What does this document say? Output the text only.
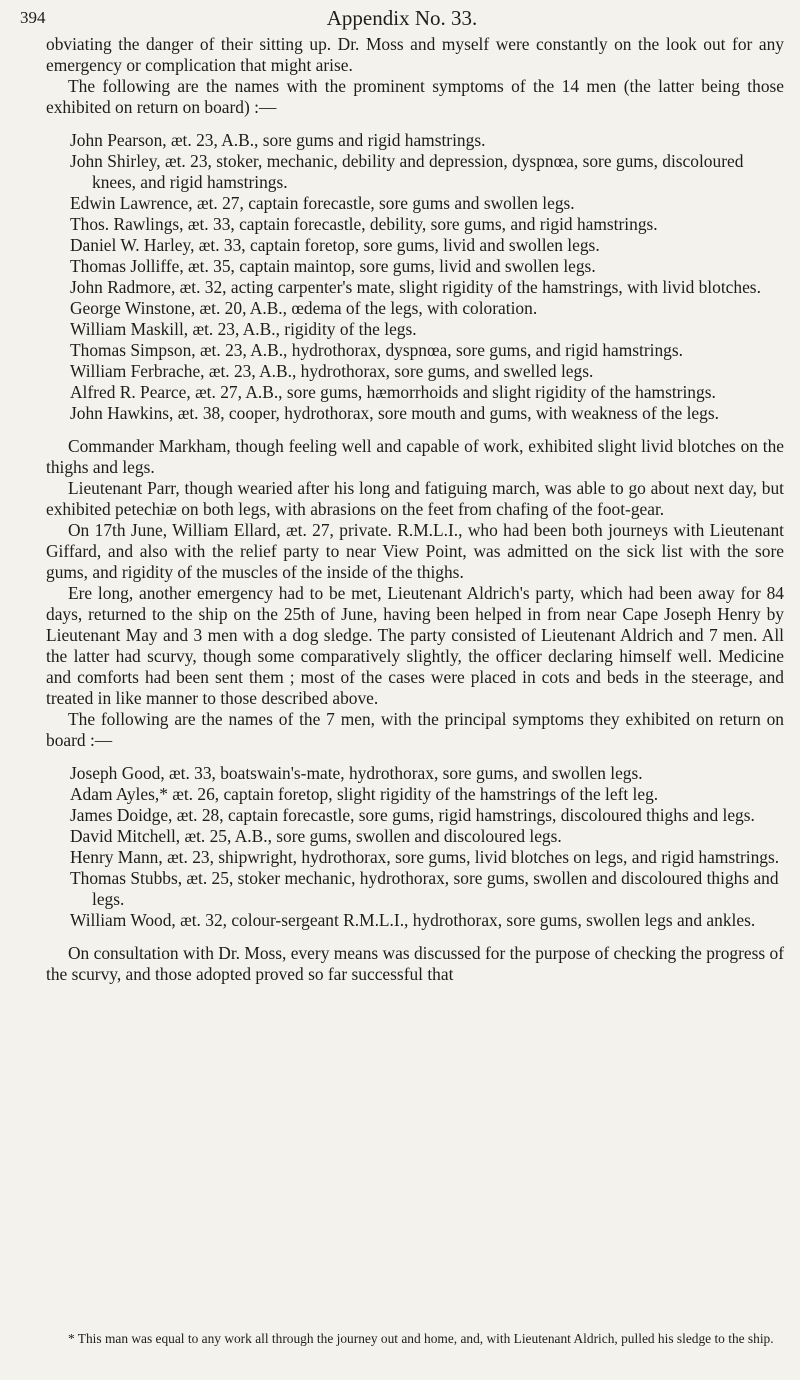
394	Appendix No. 33.

obviating the danger of their sitting up. Dr. Moss and myself were constantly on the look out for any emergency or complication that might arise.

The following are the names with the prominent symptoms of the 14 men (the latter being those exhibited on return on board) :—

John Pearson, æt. 23, A.B., sore gums and rigid hamstrings.
John Shirley, æt. 23, stoker, mechanic, debility and depression, dyspnœa, sore gums, discoloured knees, and rigid hamstrings.
Edwin Lawrence, æt. 27, captain forecastle, sore gums and swollen legs.
Thos. Rawlings, æt. 33, captain forecastle, debility, sore gums, and rigid hamstrings.
Daniel W. Harley, æt. 33, captain foretop, sore gums, livid and swollen legs.
Thomas Jolliffe, æt. 35, captain maintop, sore gums, livid and swollen legs.
John Radmore, æt. 32, acting carpenter's mate, slight rigidity of the hamstrings, with livid blotches.
George Winstone, æt. 20, A.B., œdema of the legs, with coloration.
William Maskill, æt. 23, A.B., rigidity of the legs.
Thomas Simpson, æt. 23, A.B., hydrothorax, dyspnœa, sore gums, and rigid hamstrings.
William Ferbrache, æt. 23, A.B., hydrothorax, sore gums, and swelled legs.
Alfred R. Pearce, æt. 27, A.B., sore gums, hæmorrhoids and slight rigidity of the hamstrings.
John Hawkins, æt. 38, cooper, hydrothorax, sore mouth and gums, with weakness of the legs.

Commander Markham, though feeling well and capable of work, exhibited slight livid blotches on the thighs and legs.

Lieutenant Parr, though wearied after his long and fatiguing march, was able to go about next day, but exhibited petechiæ on both legs, with abrasions on the feet from chafing of the foot-gear.

On 17th June, William Ellard, æt. 27, private. R.M.L.I., who had been both journeys with Lieutenant Giffard, and also with the relief party to near View Point, was admitted on the sick list with the sore gums, and rigidity of the muscles of the inside of the thighs.

Ere long, another emergency had to be met, Lieutenant Aldrich's party, which had been away for 84 days, returned to the ship on the 25th of June, having been helped in from near Cape Joseph Henry by Lieutenant May and 3 men with a dog sledge. The party consisted of Lieutenant Aldrich and 7 men. All the latter had scurvy, though some comparatively slightly, the officer declaring himself well. Medicine and comforts had been sent them ; most of the cases were placed in cots and beds in the steerage, and treated in like manner to those described above.

The following are the names of the 7 men, with the principal symptoms they exhibited on return on board :—

Joseph Good, æt. 33, boatswain's-mate, hydrothorax, sore gums, and swollen legs.
Adam Ayles,* æt. 26, captain foretop, slight rigidity of the hamstrings of the left leg.
James Doidge, æt. 28, captain forecastle, sore gums, rigid hamstrings, discoloured thighs and legs.
David Mitchell, æt. 25, A.B., sore gums, swollen and discoloured legs.
Henry Mann, æt. 23, shipwright, hydrothorax, sore gums, livid blotches on legs, and rigid hamstrings.
Thomas Stubbs, æt. 25, stoker mechanic, hydrothorax, sore gums, swollen and discoloured thighs and legs.
William Wood, æt. 32, colour-sergeant R.M.L.I., hydrothorax, sore gums, swollen legs and ankles.

On consultation with Dr. Moss, every means was discussed for the purpose of checking the progress of the scurvy, and those adopted proved so far successful that

* This man was equal to any work all through the journey out and home, and, with Lieutenant Aldrich, pulled his sledge to the ship.
